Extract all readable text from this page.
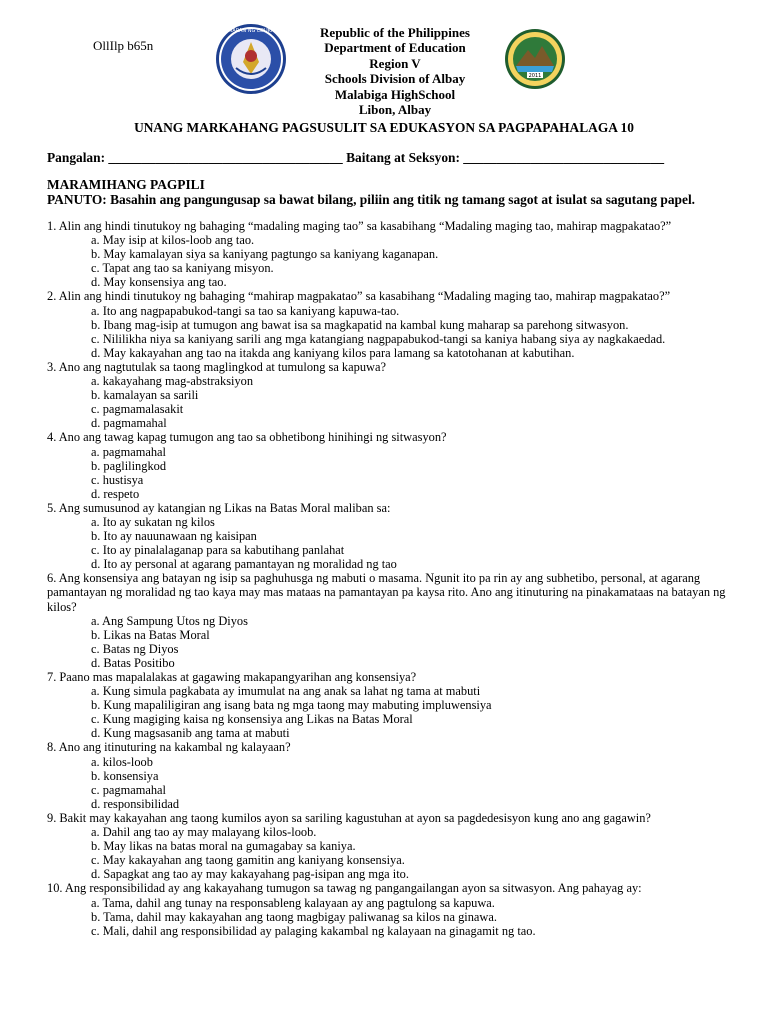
OllIlp b65n
KAGAWARAN NG EDUKASYON
2011
Republic of the Philippines
Department of Education
Region V
Schools Division of Albay
Malabiga HighSchool
Libon, Albay
UNANG MARKAHANG PAGSUSULIT SA EDUKASYON SA PAGPAPAHALAGA 10
Pangalan: ___________________________________ Baitang at Seksyon: ______________________________
MARAMIHANG PAGPILI
PANUTO: Basahin ang pangungusap sa bawat bilang, piliin ang titik ng tamang sagot at isulat sa sagutang papel.
1. Alin ang hindi tinutukoy ng bahaging “madaling maging tao” sa kasabihang “Madaling maging tao, mahirap magpakatao?”
a. May isip at kilos-loob ang tao.
b. May kamalayan siya sa kaniyang pagtungo sa kaniyang kaganapan.
c. Tapat ang tao sa kaniyang misyon.
d. May konsensiya ang tao.
2. Alin ang hindi tinutukoy ng bahaging “mahirap magpakatao” sa kasabihang “Madaling maging tao, mahirap magpakatao?”
a. Ito ang nagpapabukod-tangi sa tao sa kaniyang kapuwa-tao.
b. Ibang mag-isip at tumugon ang bawat isa sa magkapatid na kambal kung maharap sa parehong sitwasyon.
c. Nililikha niya sa kaniyang sarili ang mga katangiang nagpapabukod-tangi sa kaniya habang siya ay nagkakaedad.
d. May kakayahan ang tao na itakda ang kaniyang kilos para lamang sa katotohanan at kabutihan.
3. Ano ang nagtutulak sa taong maglingkod at tumulong sa kapuwa?
a. kakayahang mag-abstraksiyon
b. kamalayan sa sarili
c. pagmamalasakit
d. pagmamahal
4. Ano ang tawag kapag tumugon ang tao sa obhetibong hinihingi ng sitwasyon?
a. pagmamahal
b. paglilingkod
c. hustisya
d. respeto
5. Ang sumusunod ay katangian ng Likas na Batas Moral maliban sa:
a. Ito ay sukatan ng kilos
b. Ito ay nauunawaan ng kaisipan
c. Ito ay pinalalaganap para sa kabutihang panlahat
d. Ito ay personal at agarang pamantayan ng moralidad ng tao
6. Ang konsensiya ang batayan ng isip sa paghuhusga ng mabuti o masama. Ngunit ito pa rin ay ang subhetibo, personal, at agarang pamantayan ng moralidad ng tao kaya may mas mataas na pamantayan pa kaysa rito. Ano ang itinuturing na pinakamataas na batayan ng kilos?
a. Ang Sampung Utos ng Diyos
b. Likas na Batas Moral
c. Batas ng Diyos
d. Batas Positibo
7. Paano mas mapalalakas at gagawing makapangyarihan ang konsensiya?
a. Kung simula pagkabata ay imumulat na ang anak sa lahat ng tama at mabuti
b. Kung mapaliligiran ang isang bata ng mga taong may mabuting impluwensiya
c. Kung magiging kaisa ng konsensiya ang Likas na Batas Moral
d. Kung magsasanib ang tama at mabuti
8. Ano ang itinuturing na kakambal ng kalayaan?
a. kilos-loob
b. konsensiya
c. pagmamahal
d. responsibilidad
9. Bakit may kakayahan ang taong kumilos ayon sa sariling kagustuhan at ayon sa pagdedesisyon kung ano ang gagawin?
a. Dahil ang tao ay may malayang kilos-loob.
b. May likas na batas moral na gumagabay sa kaniya.
c. May kakayahan ang taong gamitin ang kaniyang konsensiya.
d. Sapagkat ang tao ay may kakayahang pag-isipan ang mga ito.
10. Ang responsibilidad ay ang kakayahang tumugon sa tawag ng pangangailangan ayon sa sitwasyon. Ang pahayag ay:
a. Tama, dahil ang tunay na responsableng kalayaan ay ang pagtulong sa kapuwa.
b. Tama, dahil may kakayahan ang taong magbigay paliwanag sa kilos na ginawa.
c. Mali, dahil ang responsibilidad ay palaging kakambal ng kalayaan na ginagamit ng tao.
